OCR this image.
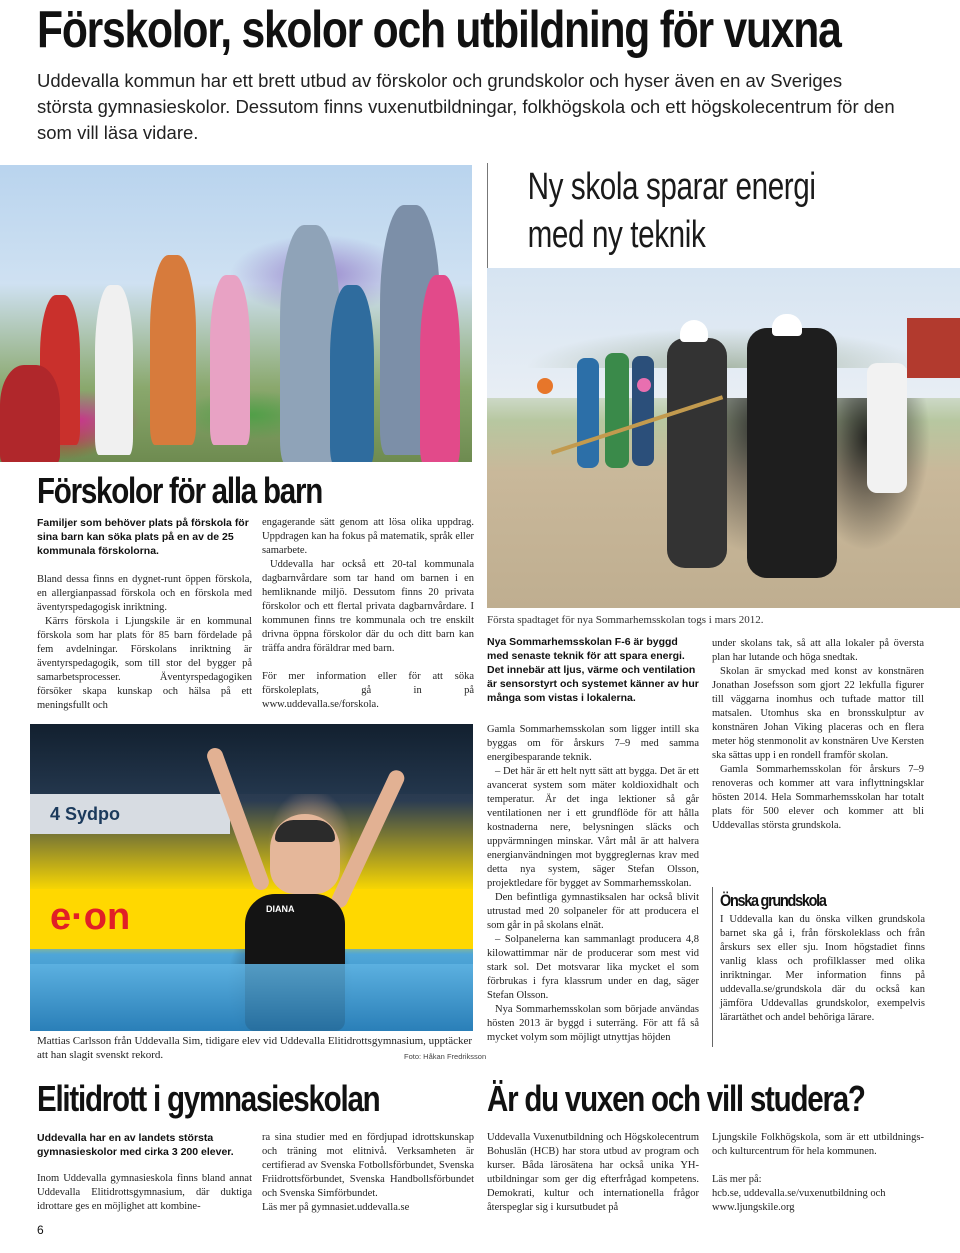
Förskolor, skolor och utbildning för vuxna
Uddevalla kommun har ett brett utbud av förskolor och grundskolor och hyser även en av Sveriges största gymnasieskolor. Dessutom finns vuxenutbildningar, folkhögskola och ett högskolecentrum för den som vill läsa vidare.
Ny skola sparar energi
med ny teknik
Första spadtaget för nya Sommarhemsskolan togs i mars 2012.
Nya Sommarhemsskolan F-6 är byggd med senaste teknik för att spara energi. Det innebär att ljus, värme och ventilation är sensorstyrt och systemet känner av hur många som vistas i lokalerna.

Gamla Sommarhemsskolan som ligger intill ska byggas om för årskurs 7–9 med samma energibesparande teknik.

– Det här är ett helt nytt sätt att bygga. Det är ett avancerat system som mäter koldioxidhalt och temperatur. Är det inga lektioner så går ventilationen ner i ett grundflöde för att hålla kostnaderna nere, belysningen släcks och uppvärmningen minskar. Vårt mål är att halvera energianvändningen mot byggreglernas krav med detta nya system, säger Stefan Olsson, projektledare för bygget av Sommarhemsskolan.

Den befintliga gymnastiksalen har också blivit utrustad med 20 solpaneler för att producera el som går in på skolans elnät.

– Solpanelerna kan sammanlagt producera 4,8 kilowattimmar när de producerar som mest vid stark sol. Det motsvarar lika mycket el som förbrukas i fyra klassrum under en dag, säger Stefan Olsson.

Nya Sommarhemsskolan som började användas hösten 2013 är byggd i suterräng. För att få så mycket volym som möjligt utnyttjas höjden

under skolans tak, så att alla lokaler på översta plan har lutande och höga snedtak.

Skolan är smyckad med konst av konstnären Jonathan Josefsson som gjort 22 lekfulla figurer till väggarna inomhus och tuftade mattor till matsalen. Utomhus ska en bronsskulptur av konstnären Johan Viking placeras och en flera meter hög stenmonolit av konstnären Uve Kersten ska sättas upp i en rondell framför skolan.

Gamla Sommarhemsskolan för årskurs 7–9 renoveras och kommer att vara inflyttningsklar hösten 2014. Hela Sommarhemsskolan har totalt plats för 500 elever och kommer att bli Uddevallas största grundskola.

Önska grundskola
I Uddevalla kan du önska vilken grundskola barnet ska gå i, från förskoleklass och från årskurs sex eller sju. Inom högstadiet finns vanlig klass och profilklasser med olika inriktningar. Mer information finns på uddevalla.se/grundskola där du också kan jämföra Uddevallas grundskolor, exempelvis lärartäthet och andel behöriga lärare.
Förskolor för alla barn
Familjer som behöver plats på förskola för sina barn kan söka plats på en av de 25 kommunala förskolorna.

Bland dessa finns en dygnet-runt öppen förskola, en allergianpassad förskola och en förskola med äventyrspedagogisk inriktning.

Kärrs förskola i Ljungskile är en kommunal förskola som har plats för 85 barn fördelade på fem avdelningar. Förskolans inriktning är äventyrspedagogik, som till stor del bygger på samarbetsprocesser. Äventyrspedagogiken försöker skapa kunskap och hälsa på ett meningsfullt och

engagerande sätt genom att lösa olika uppdrag. Uppdragen kan ha fokus på matematik, språk eller samarbete.

Uddevalla har också ett 20-tal kommunala dagbarnvårdare som tar hand om barnen i en hemliknande miljö. Dessutom finns 20 privata förskolor och ett flertal privata dagbarnvårdare. I kommunen finns tre kommunala och tre enskilt drivna öppna förskolor där du och ditt barn kan träffa andra föräldrar med barn.

För mer information eller för att söka förskoleplats, gå in på www.uddevalla.se/forskola.

4 Sydpo
e·on	DIANA
Mattias Carlsson från Uddevalla Sim, tidigare elev vid Uddevalla Elitidrottsgymnasium, upptäcker att han slagit svenskt rekord.	Foto: Håkan Fredriksson
Elitidrott i gymnasieskolan
Uddevalla har en av landets största gymnasieskolor med cirka 3 200 elever.

Inom Uddevalla gymnasieskola finns bland annat Uddevalla Elitidrottsgymnasium, där duktiga idrottare ges en möjlighet att kombine-

ra sina studier med en fördjupad idrottskunskap och träning mot elitnivå. Verksamheten är certifierad av Svenska Fotbollsförbundet, Svenska Friidrottsförbundet, Svenska Handbollsförbundet och Svenska Simförbundet.

Läs mer på gymnasiet.uddevalla.se

Är du vuxen och vill studera?

Uddevalla Vuxenutbildning och Högskolecentrum Bohuslän (HCB) har stora utbud av program och kurser. Båda lärosätena har också unika YH-utbildningar som ger dig efterfrågad kompetens. Demokrati, kultur och internationella frågor återspeglar sig i kursutbudet på

Ljungskile Folkhögskola, som är ett utbildnings- och kulturcentrum för hela kommunen.

Läs mer på:

hcb.se, uddevalla.se/vuxenutbildning och www.ljungskile.org

6
